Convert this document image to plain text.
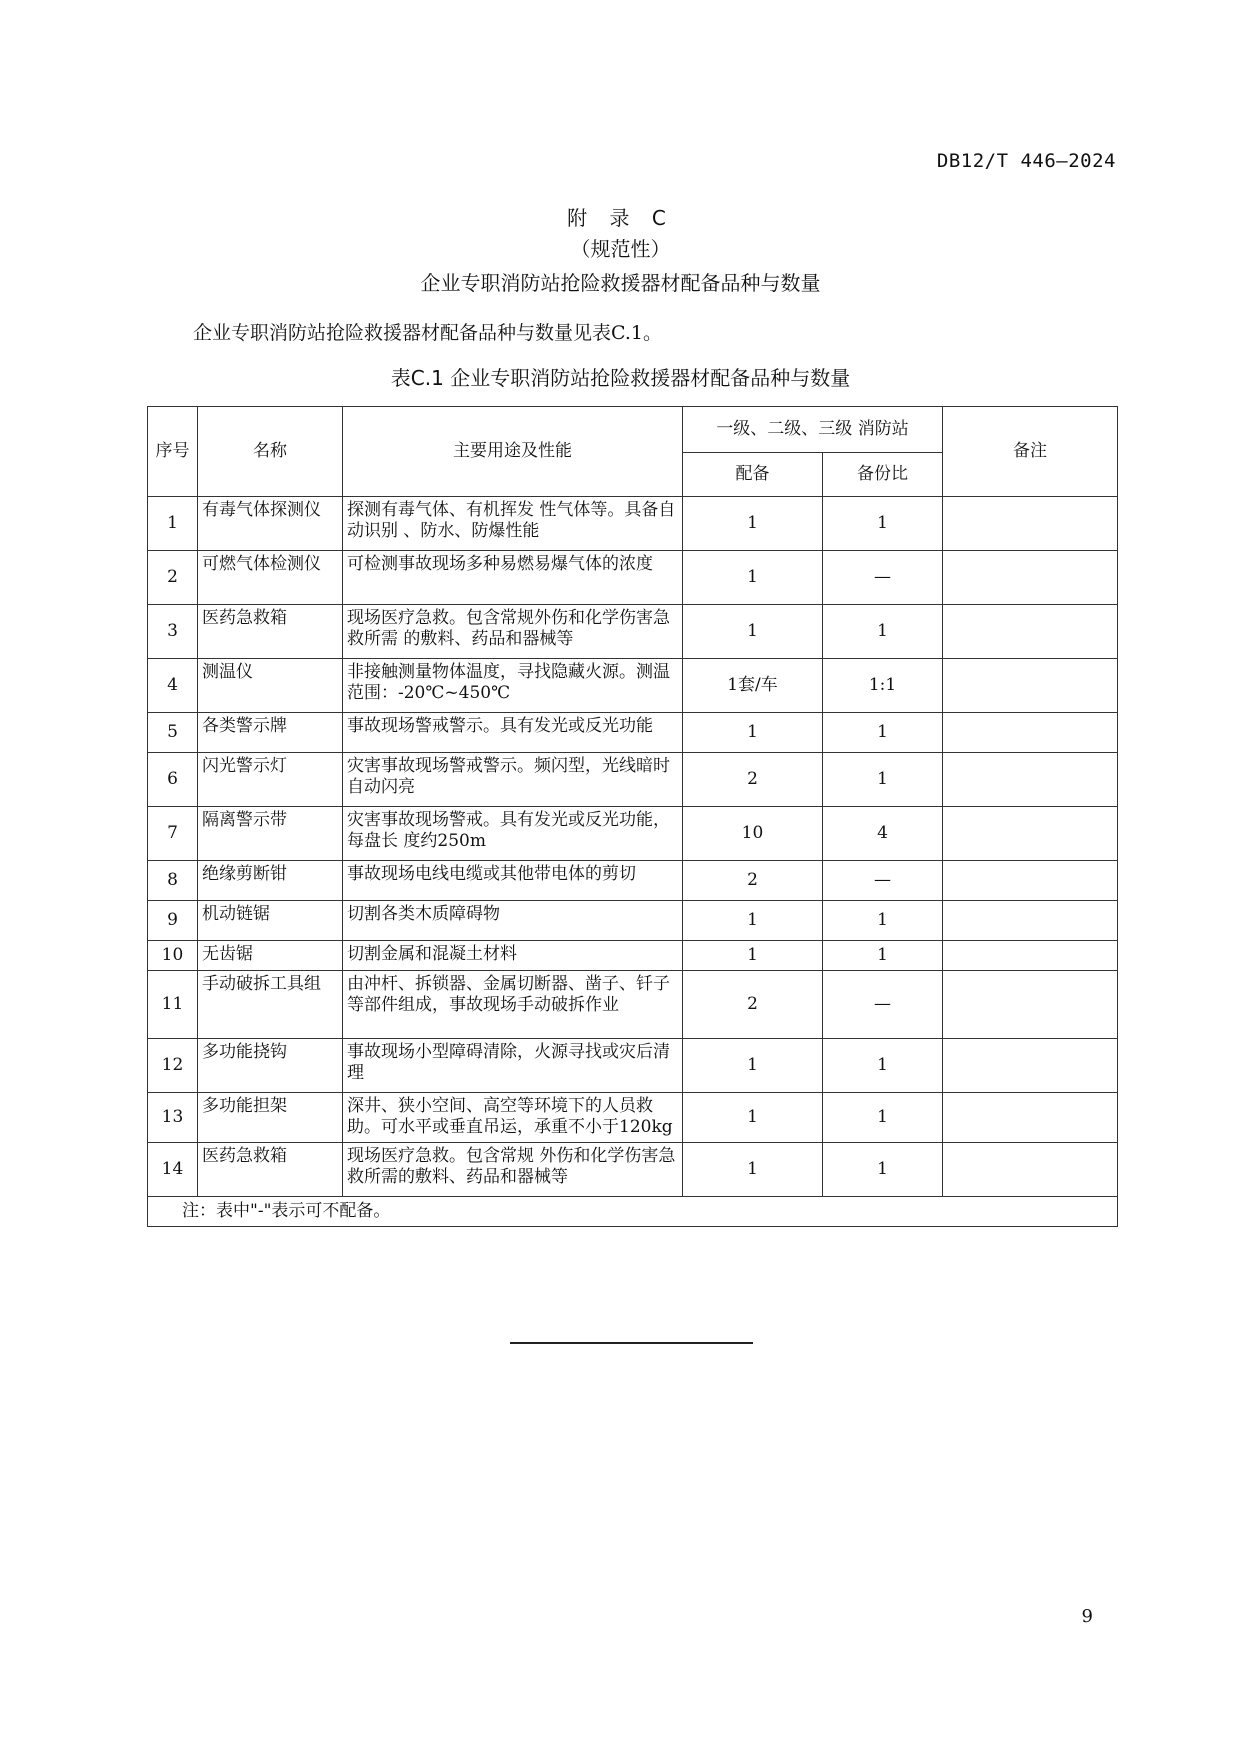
DB12/T 446—2024
附 录 C
（规范性）
企业专职消防站抢险救援器材配备品种与数量
企业专职消防站抢险救援器材配备品种与数量见表C.1。
表C.1 企业专职消防站抢险救援器材配备品种与数量
序号	名称	主要用途及性能	一级、二级、三级 消防站		备注
			配备	备份比	
1	有毒气体探测仪	探测有毒气体、有机挥发 性气体等。具备自动识别 、防水、防爆性能	1	1	
2	可燃气体检测仪	可检测事故现场多种易燃易爆气体的浓度	1	—	
3	医药急救箱	现场医疗急救。包含常规外伤和化学伤害急救所需 的敷料、药品和器械等	1	1	
4	测温仪	非接触测量物体温度，寻找隐藏火源。测温范围：-20℃~450℃	1套/车	1:1	
5	各类警示牌	事故现场警戒警示。具有发光或反光功能	1	1	
6	闪光警示灯	灾害事故现场警戒警示。频闪型，光线暗时自动闪亮	2	1	
7	隔离警示带	灾害事故现场警戒。具有发光或反光功能，每盘长 度约250m	10	4	
8	绝缘剪断钳	事故现场电线电缆或其他带电体的剪切	2	—	
9	机动链锯	切割各类木质障碍物	1	1	
10	无齿锯	切割金属和混凝土材料	1	1	
11	手动破拆工具组	由冲杆、拆锁器、金属切断器、凿子、钎子等部件组成，事故现场手动破拆作业	2	—	
12	多功能挠钩	事故现场小型障碍清除，火源寻找或灾后清理	1	1	
13	多功能担架	深井、狭小空间、高空等环境下的人员救助。可水平或垂直吊运，承重不小于120kg	1	1	
14	医药急救箱	现场医疗急救。包含常规 外伤和化学伤害急救所需的敷料、药品和器械等	1	1	
注：表中"-"表示可不配备。					
9
